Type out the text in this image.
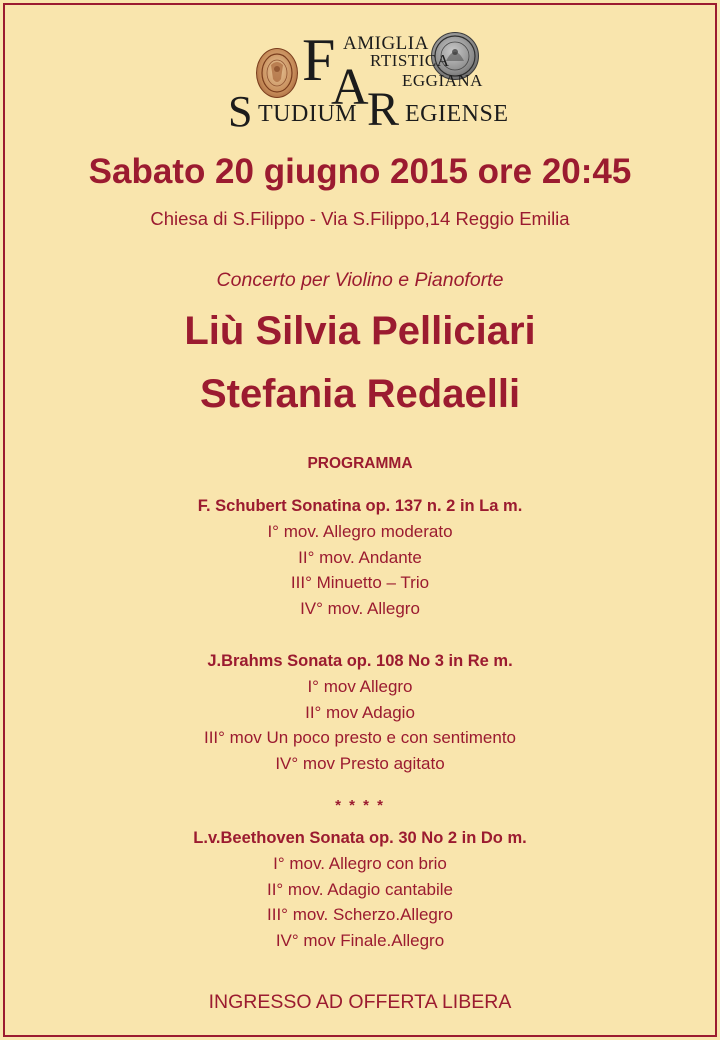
F AMIGLIA
A RTISTICA
EGGIANA
S TUDIUM R EGIENSE
Sabato 20 giugno 2015 ore 20:45
Chiesa di S.Filippo - Via S.Filippo,14 Reggio Emilia
Concerto per Violino e Pianoforte
Liù Silvia Pelliciari
Stefania Redaelli
PROGRAMMA
F. Schubert Sonatina op. 137 n. 2 in La m.
I° mov. Allegro moderato
II° mov. Andante
III° Minuetto – Trio
IV° mov. Allegro
J.Brahms Sonata op. 108 No 3 in Re m.
I° mov Allegro
II° mov Adagio
III° mov Un poco presto e con sentimento
IV° mov Presto agitato
* * * *
L.v.Beethoven Sonata op. 30 No 2 in Do m.
I° mov. Allegro con brio
II° mov. Adagio cantabile
III° mov. Scherzo.Allegro
IV° mov Finale.Allegro
INGRESSO AD OFFERTA LIBERA
